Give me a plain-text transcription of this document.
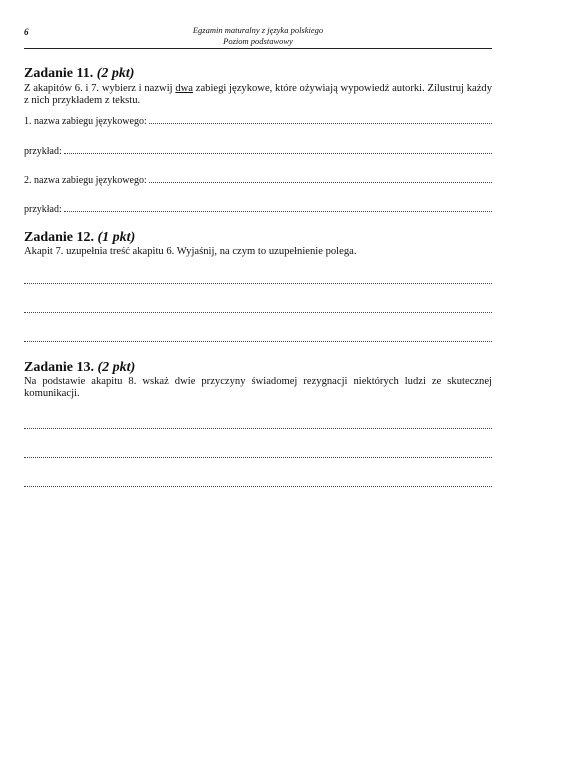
6	Egzamin maturalny z języka polskiego
Poziom podstawowy
Zadanie 11. (2 pkt)
Z akapitów 6. i 7. wybierz i nazwij dwa zabiegi językowe, które ożywiają wypowiedź autorki. Zilustruj każdy z nich przykładem z tekstu.
1. nazwa zabiegu językowego:
przykład:
2. nazwa zabiegu językowego:
przykład:
Zadanie 12. (1 pkt)
Akapit 7. uzupełnia treść akapitu 6. Wyjaśnij, na czym to uzupełnienie polega.
Zadanie 13. (2 pkt)
Na podstawie akapitu 8. wskaż dwie przyczyny świadomej rezygnacji niektórych ludzi ze skutecznej komunikacji.
